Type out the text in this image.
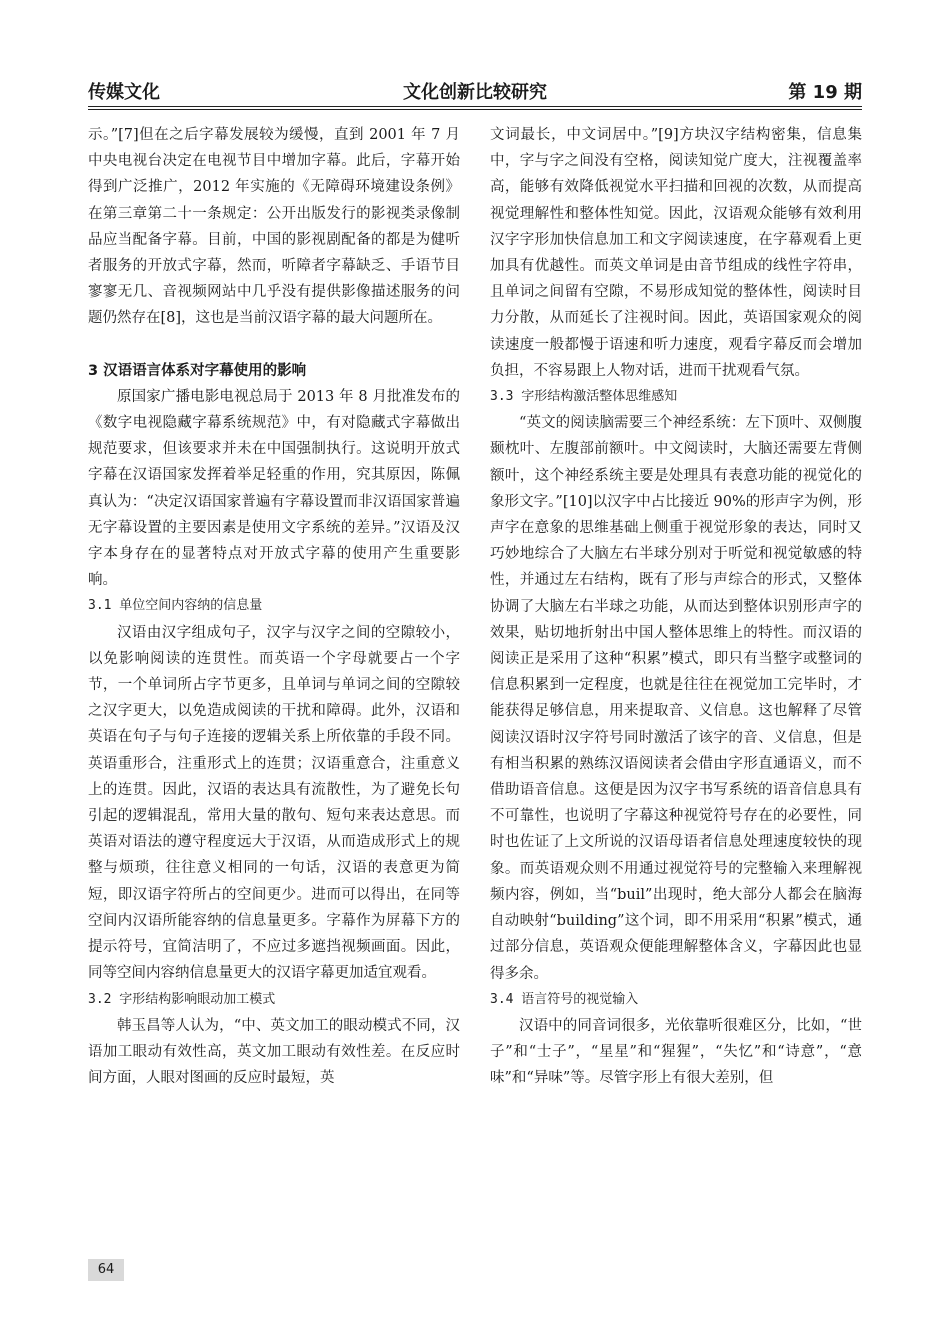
传媒文化	文化创新比较研究	第 19 期

示。”[7]但在之后字幕发展较为缓慢，直到 2001 年 7 月中央电视台决定在电视节目中增加字幕。此后，字幕开始得到广泛推广，2012 年实施的《无障碍环境建设条例》在第三章第二十一条规定：公开出版发行的影视类录像制品应当配备字幕。目前，中国的影视剧配备的都是为健听者服务的开放式字幕，然而，听障者字幕缺乏、手语节目寥寥无几、音视频网站中几乎没有提供影像描述服务的问题仍然存在[8]，这也是当前汉语字幕的最大问题所在。

3 汉语语言体系对字幕使用的影响

原国家广播电影电视总局于 2013 年 8 月批准发布的《数字电视隐藏字幕系统规范》中，有对隐藏式字幕做出规范要求，但该要求并未在中国强制执行。这说明开放式字幕在汉语国家发挥着举足轻重的作用，究其原因，陈佩真认为：“决定汉语国家普遍有字幕设置而非汉语国家普遍无字幕设置的主要因素是使用文字系统的差异。”汉语及汉字本身存在的显著特点对开放式字幕的使用产生重要影响。

3.1 单位空间内容纳的信息量

汉语由汉字组成句子，汉字与汉字之间的空隙较小，以免影响阅读的连贯性。而英语一个字母就要占一个字节，一个单词所占字节更多，且单词与单词之间的空隙较之汉字更大，以免造成阅读的干扰和障碍。此外，汉语和英语在句子与句子连接的逻辑关系上所依靠的手段不同。英语重形合，注重形式上的连贯；汉语重意合，注重意义上的连贯。因此，汉语的表达具有流散性，为了避免长句引起的逻辑混乱，常用大量的散句、短句来表达意思。而英语对语法的遵守程度远大于汉语，从而造成形式上的规整与烦琐，往往意义相同的一句话，汉语的表意更为简短，即汉语字符所占的空间更少。进而可以得出，在同等空间内汉语所能容纳的信息量更多。字幕作为屏幕下方的提示符号，宜简洁明了，不应过多遮挡视频画面。因此，同等空间内容纳信息量更大的汉语字幕更加适宜观看。

3.2 字形结构影响眼动加工模式

韩玉昌等人认为，“中、英文加工的眼动模式不同，汉语加工眼动有效性高，英文加工眼动有效性差。在反应时间方面，人眼对图画的反应时最短，英

文词最长，中文词居中。”[9]方块汉字结构密集，信息集中，字与字之间没有空格，阅读知觉广度大，注视覆盖率高，能够有效降低视觉水平扫描和回视的次数，从而提高视觉理解性和整体性知觉。因此，汉语观众能够有效利用汉字字形加快信息加工和文字阅读速度，在字幕观看上更加具有优越性。而英文单词是由音节组成的线性字符串，且单词之间留有空隙，不易形成知觉的整体性，阅读时目力分散，从而延长了注视时间。因此，英语国家观众的阅读速度一般都慢于语速和听力速度，观看字幕反而会增加负担，不容易跟上人物对话，进而干扰观看气氛。

3.3 字形结构激活整体思维感知

“英文的阅读脑需要三个神经系统：左下顶叶、双侧腹颞枕叶、左腹部前额叶。中文阅读时，大脑还需要左背侧额叶，这个神经系统主要是处理具有表意功能的视觉化的象形文字。”[10]以汉字中占比接近 90%的形声字为例，形声字在意象的思维基础上侧重于视觉形象的表达，同时又巧妙地综合了大脑左右半球分别对于听觉和视觉敏感的特性，并通过左右结构，既有了形与声综合的形式，又整体协调了大脑左右半球之功能，从而达到整体识别形声字的效果，贴切地折射出中国人整体思维上的特性。而汉语的阅读正是采用了这种“积累”模式，即只有当整字或整词的信息积累到一定程度，也就是往往在视觉加工完毕时，才能获得足够信息，用来提取音、义信息。这也解释了尽管阅读汉语时汉字符号同时激活了该字的音、义信息，但是有相当积累的熟练汉语阅读者会借由字形直通语义，而不借助语音信息。这便是因为汉字书写系统的语音信息具有不可靠性，也说明了字幕这种视觉符号存在的必要性，同时也佐证了上文所说的汉语母语者信息处理速度较快的现象。而英语观众则不用通过视觉符号的完整输入来理解视频内容，例如，当“buil”出现时，绝大部分人都会在脑海自动映射“building”这个词，即不用采用“积累”模式，通过部分信息，英语观众便能理解整体含义，字幕因此也显得多余。

3.4 语言符号的视觉输入

汉语中的同音词很多，光依靠听很难区分，比如，“世子”和“士子”，“星星”和“猩猩”，“失忆”和“诗意”，“意味”和“异味”等。尽管字形上有很大差别，但

64
